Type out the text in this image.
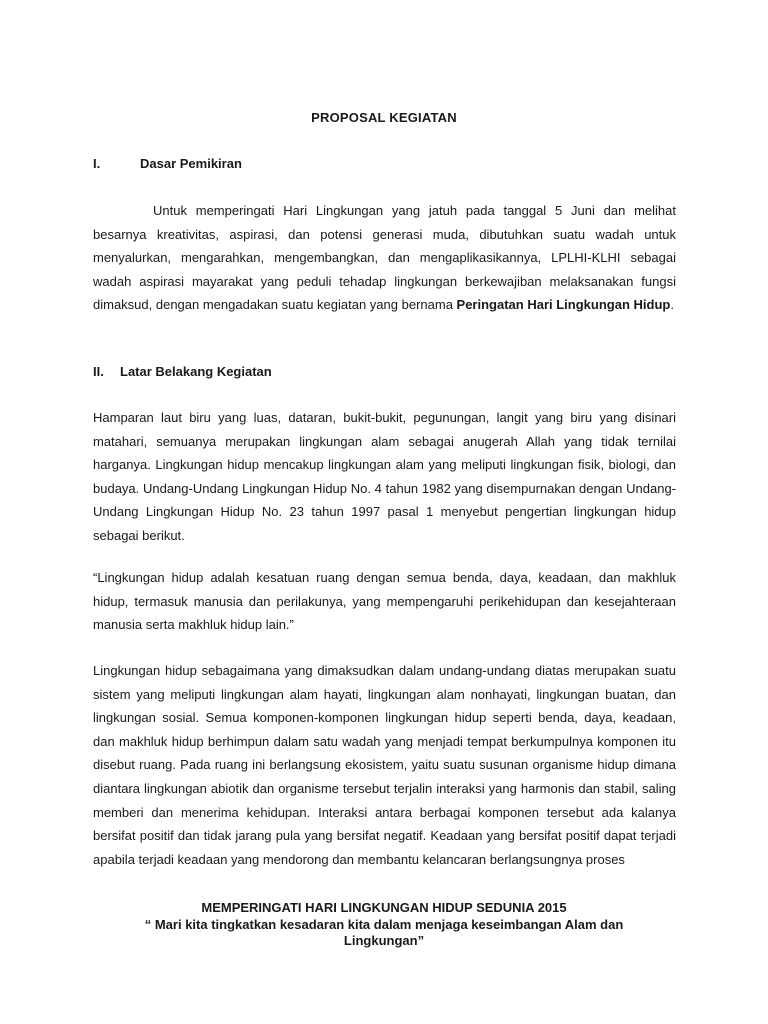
PROPOSAL KEGIATAN
I.	Dasar Pemikiran

Untuk memperingati Hari Lingkungan yang jatuh pada tanggal 5 Juni dan melihat besarnya kreativitas, aspirasi, dan potensi generasi muda, dibutuhkan suatu wadah untuk menyalurkan, mengarahkan, mengembangkan, dan mengaplikasikannya, LPLHI-KLHI sebagai wadah aspirasi mayarakat yang peduli tehadap lingkungan berkewajiban melaksanakan fungsi dimaksud, dengan mengadakan suatu kegiatan yang bernama Peringatan Hari Lingkungan Hidup.

II. Latar Belakang Kegiatan

Hamparan laut biru yang luas, dataran, bukit-bukit, pegunungan, langit yang biru yang disinari matahari, semuanya merupakan lingkungan alam sebagai anugerah Allah yang tidak ternilai harganya. Lingkungan hidup mencakup lingkungan alam yang meliputi lingkungan fisik, biologi, dan budaya. Undang-Undang Lingkungan Hidup No. 4 tahun 1982 yang disempurnakan dengan Undang-Undang Lingkungan Hidup No. 23 tahun 1997 pasal 1 menyebut pengertian lingkungan hidup sebagai berikut.

“Lingkungan hidup adalah kesatuan ruang dengan semua benda, daya, keadaan, dan makhluk hidup, termasuk manusia dan perilakunya, yang mempengaruhi perikehidupan dan kesejahteraan manusia serta makhluk hidup lain.”

Lingkungan hidup sebagaimana yang dimaksudkan dalam undang-undang diatas merupakan suatu sistem yang meliputi lingkungan alam hayati, lingkungan alam nonhayati, lingkungan buatan, dan lingkungan sosial. Semua komponen-komponen lingkungan hidup seperti benda, daya, keadaan, dan makhluk hidup berhimpun dalam satu wadah yang menjadi tempat berkumpulnya komponen itu disebut ruang. Pada ruang ini berlangsung ekosistem, yaitu suatu susunan organisme hidup dimana diantara lingkungan abiotik dan organisme tersebut terjalin interaksi yang harmonis dan stabil, saling memberi dan menerima kehidupan. Interaksi antara berbagai komponen tersebut ada kalanya bersifat positif dan tidak jarang pula yang bersifat negatif. Keadaan yang bersifat positif dapat terjadi apabila terjadi keadaan yang mendorong dan membantu kelancaran berlangsungnya proses

MEMPERINGATI HARI LINGKUNGAN HIDUP SEDUNIA 2015
“ Mari kita tingkatkan kesadaran kita dalam menjaga keseimbangan Alam dan Lingkungan”
